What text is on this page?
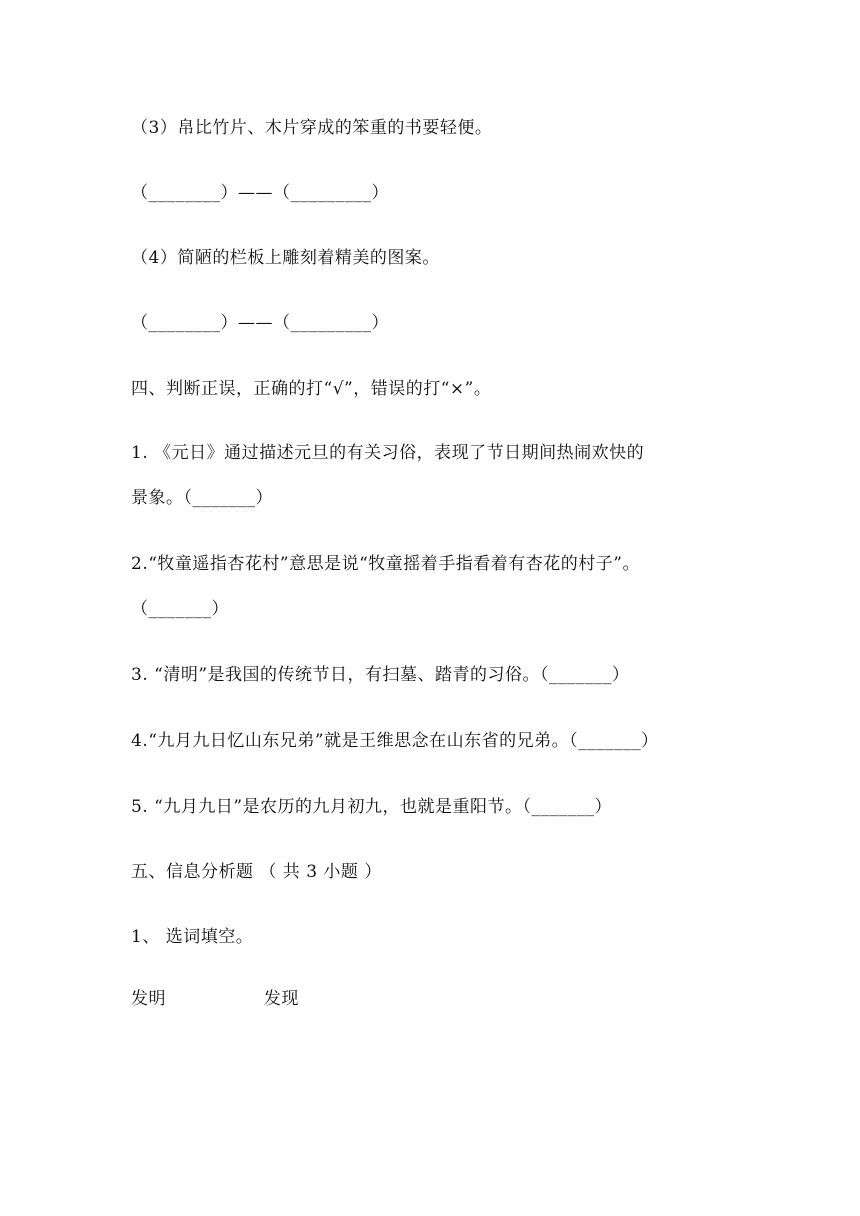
（3）帛比竹片、木片穿成的笨重的书要轻便。
（________）——（_________）
（4）简陋的栏板上雕刻着精美的图案。
（________）——（_________）
四、判断正误，正确的打“√”，错误的打“×”。
1. 《元日》通过描述元旦的有关习俗，表现了节日期间热闹欢快的
景象。（_______）
2.“牧童遥指杏花村”意思是说“牧童摇着手指看着有杏花的村子”。
（_______）
3. “清明”是我国的传统节日，有扫墓、踏青的习俗。（_______）
4.“九月九日忆山东兄弟”就是王维思念在山东省的兄弟。（_______）
5. “九月九日”是农历的九月初九，也就是重阳节。（_______）
五、信息分析题 （ 共 3 小题 ）
1、 选词填空。
发明	发现
